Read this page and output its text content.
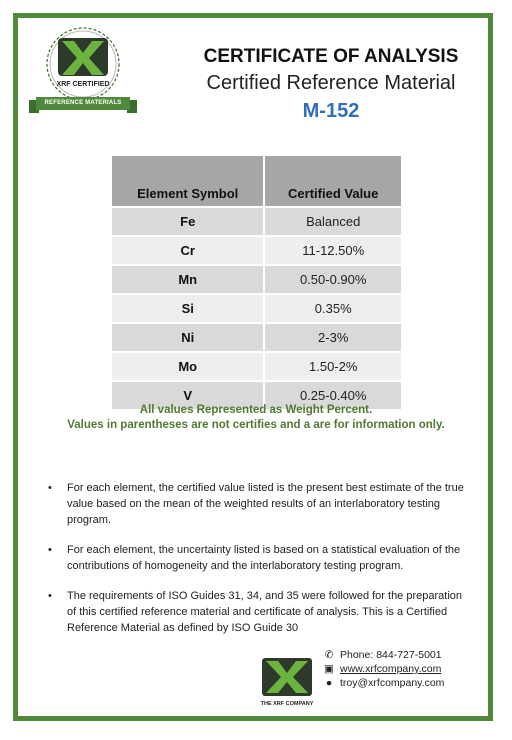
XRF CERTIFIED
REFERENCE MATERIALS
CERTIFICATE OF ANALYSIS
Certified Reference Material
M-152
Element Symbol	Certified Value
Fe	Balanced
Cr	11-12.50%
Mn	0.50-0.90%
Si	0.35%
Ni	2-3%
Mo	1.50-2%
V	0.25-0.40%
All values Represented as Weight Percent.
Values in parentheses are not certifies and a are for information only.
• For each element, the certified value listed is the present best estimate of the true value based on the mean of the weighted results of an interlaboratory testing program.
• For each element, the uncertainty listed is based on a statistical evaluation of the contributions of homogeneity and the interlaboratory testing program.
• The requirements of ISO Guides 31, 34, and 35 were followed for the preparation of this certified reference material and certificate of analysis. This is a Certified Reference Material as defined by ISO Guide 30
THE XRF COMPANY
✆ Phone: 844-727-5001
▣ www.xrfcompany.com
● troy@xrfcompany.com
